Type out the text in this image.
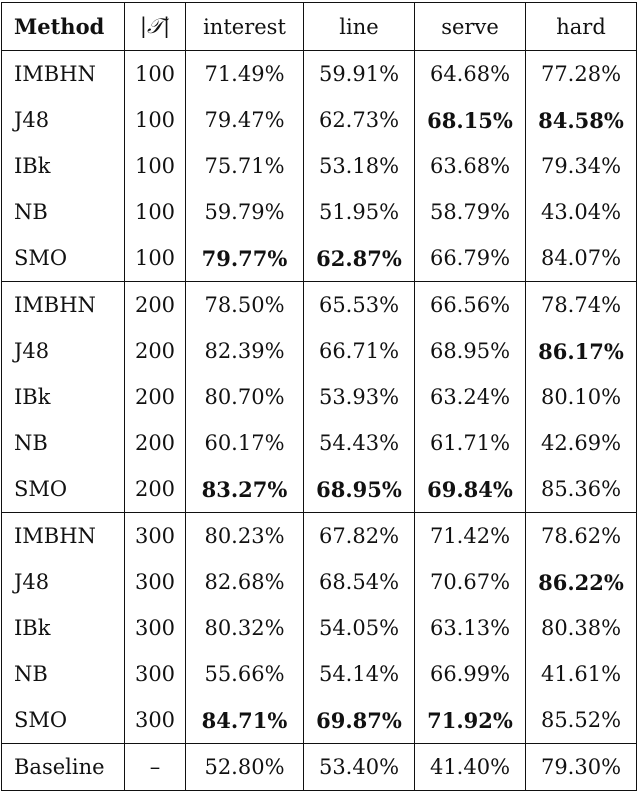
Method	|𝒯|	interest	line	serve	hard
IMBHN	100	71.49%	59.91%	64.68%	77.28%
J48	100	79.47%	62.73%	68.15%	84.58%
IBk	100	75.71%	53.18%	63.68%	79.34%
NB	100	59.79%	51.95%	58.79%	43.04%
SMO	100	79.77%	62.87%	66.79%	84.07%
IMBHN	200	78.50%	65.53%	66.56%	78.74%
J48	200	82.39%	66.71%	68.95%	86.17%
IBk	200	80.70%	53.93%	63.24%	80.10%
NB	200	60.17%	54.43%	61.71%	42.69%
SMO	200	83.27%	68.95%	69.84%	85.36%
IMBHN	300	80.23%	67.82%	71.42%	78.62%
J48	300	82.68%	68.54%	70.67%	86.22%
IBk	300	80.32%	54.05%	63.13%	80.38%
NB	300	55.66%	54.14%	66.99%	41.61%
SMO	300	84.71%	69.87%	71.92%	85.52%
Baseline	–	52.80%	53.40%	41.40%	79.30%
